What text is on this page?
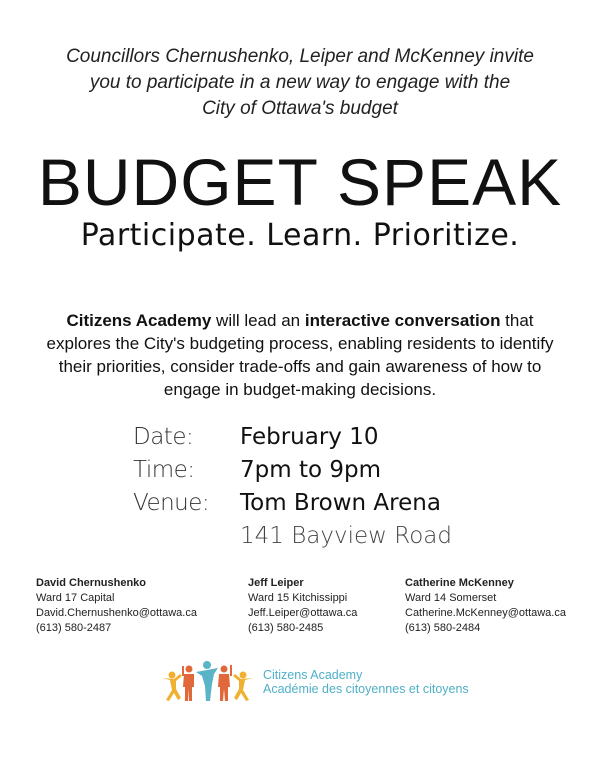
Councillors Chernushenko, Leiper and McKenney invite
you to participate in a new way to engage with the
City of Ottawa's budget
BUDGET SPEAK
Participate. Learn. Prioritize.
Citizens Academy will lead an interactive conversation that explores the City's budgeting process, enabling residents to identify their priorities, consider trade-offs and gain awareness of how to engage in budget-making decisions.
Date: February 10
Time: 7pm to 9pm
Venue: Tom Brown Arena
141 Bayview Road
David Chernushenko
Ward 17 Capital
David.Chernushenko@ottawa.ca
(613) 580-2487
Jeff Leiper
Ward 15 Kitchissippi
Jeff.Leiper@ottawa.ca
(613) 580-2485
Catherine McKenney
Ward 14 Somerset
Catherine.McKenney@ottawa.ca
(613) 580-2484
Citizens Academy
Académie des citoyennes et citoyens
